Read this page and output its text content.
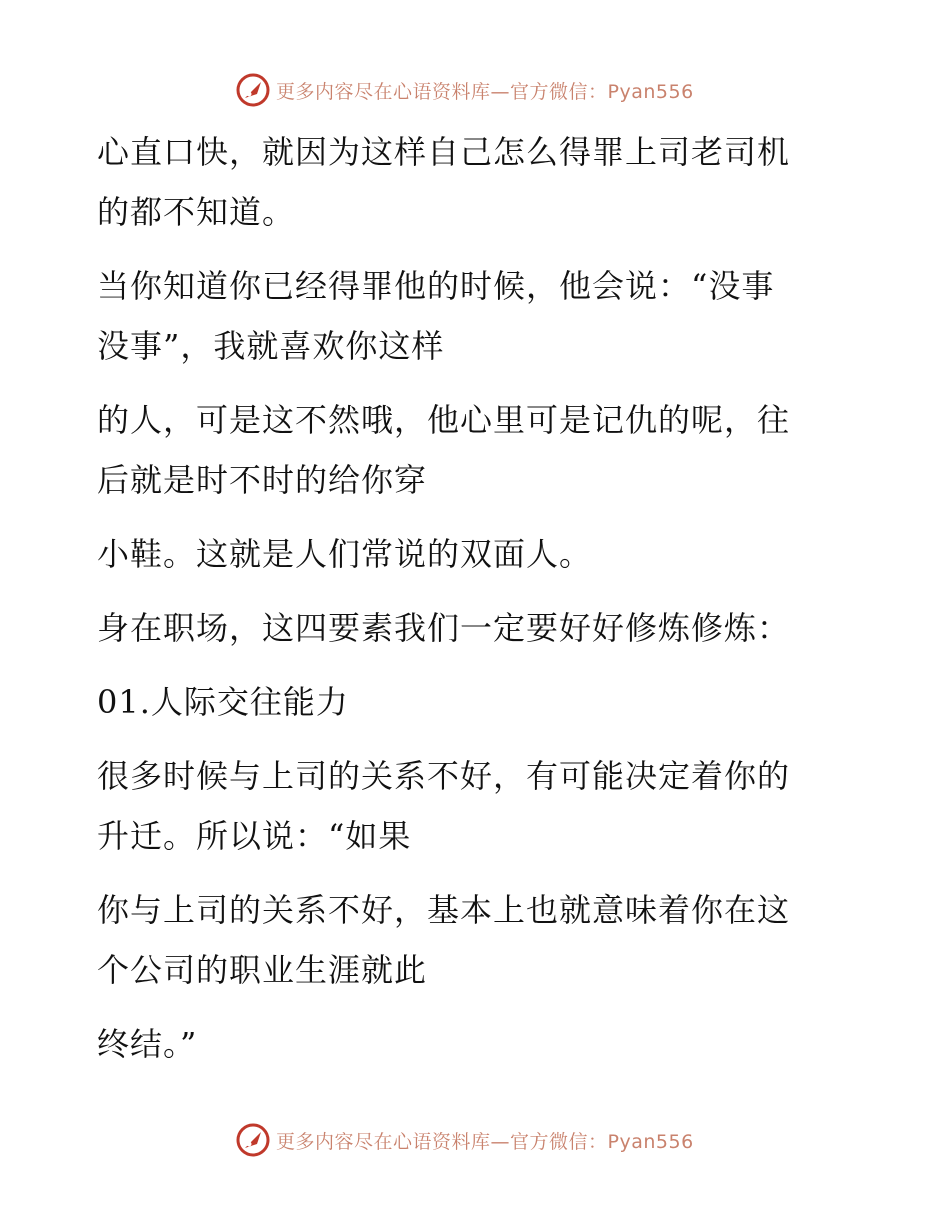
更多内容尽在心语资料库—官方微信：Pyan556

心直口快，就因为这样自己怎么得罪上司老司机

的都不知道。

当你知道你已经得罪他的时候，他会说：“没事

没事”，我就喜欢你这样

的人，可是这不然哦，他心里可是记仇的呢，往

后就是时不时的给你穿

小鞋。这就是人们常说的双面人。

身在职场，这四要素我们一定要好好修炼修炼：

01.人际交往能力

很多时候与上司的关系不好，有可能决定着你的

升迁。所以说：“如果

你与上司的关系不好，基本上也就意味着你在这

个公司的职业生涯就此

终结。”

更多内容尽在心语资料库—官方微信：Pyan556
